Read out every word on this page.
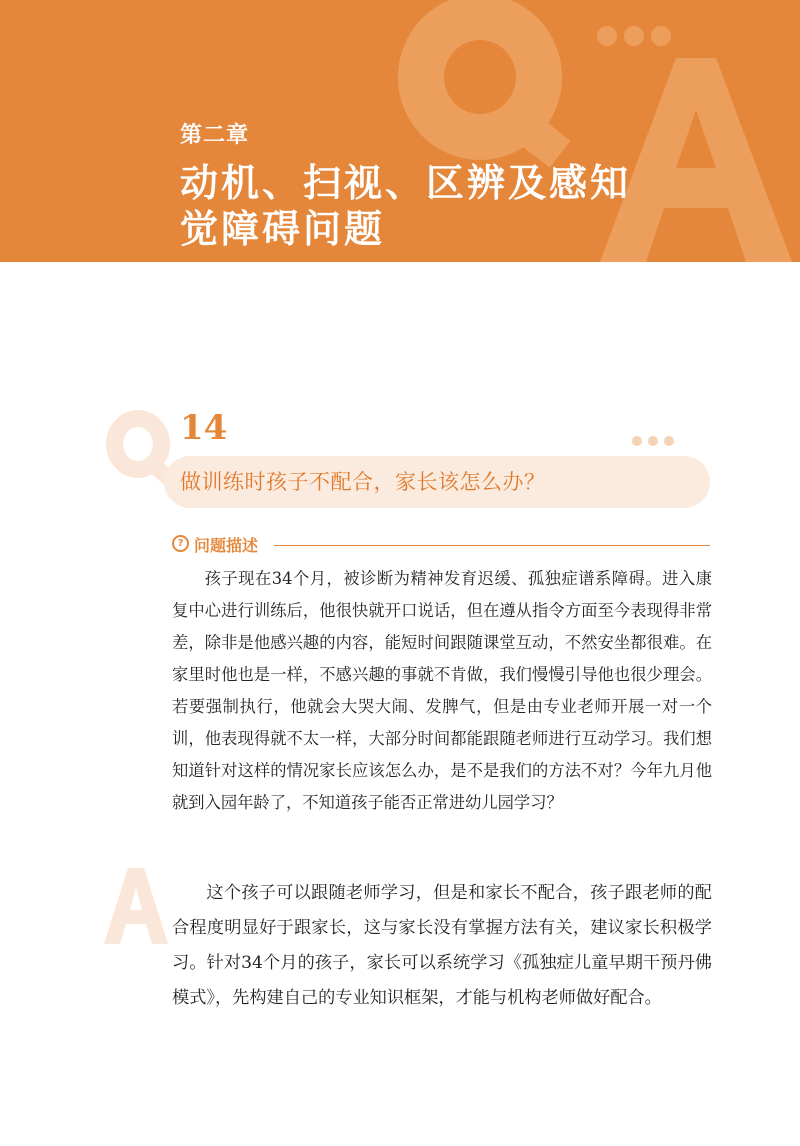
第二章
动机、扫视、区辨及感知觉障碍问题
14
做训练时孩子不配合，家长该怎么办？
? 问题描述

孩子现在34个月，被诊断为精神发育迟缓、孤独症谱系障碍。进入康复中心进行训练后，他很快就开口说话，但在遵从指令方面至今表现得非常差，除非是他感兴趣的内容，能短时间跟随课堂互动，不然安坐都很难。在家里时他也是一样，不感兴趣的事就不肯做，我们慢慢引导他也很少理会。若要强制执行，他就会大哭大闹、发脾气，但是由专业老师开展一对一个训，他表现得就不太一样，大部分时间都能跟随老师进行互动学习。我们想知道针对这样的情况家长应该怎么办，是不是我们的方法不对？今年九月他就到入园年龄了，不知道孩子能否正常进幼儿园学习？

这个孩子可以跟随老师学习，但是和家长不配合，孩子跟老师的配合程度明显好于跟家长，这与家长没有掌握方法有关，建议家长积极学习。针对34个月的孩子，家长可以系统学习《孤独症儿童早期干预丹佛模式》，先构建自己的专业知识框架，才能与机构老师做好配合。
